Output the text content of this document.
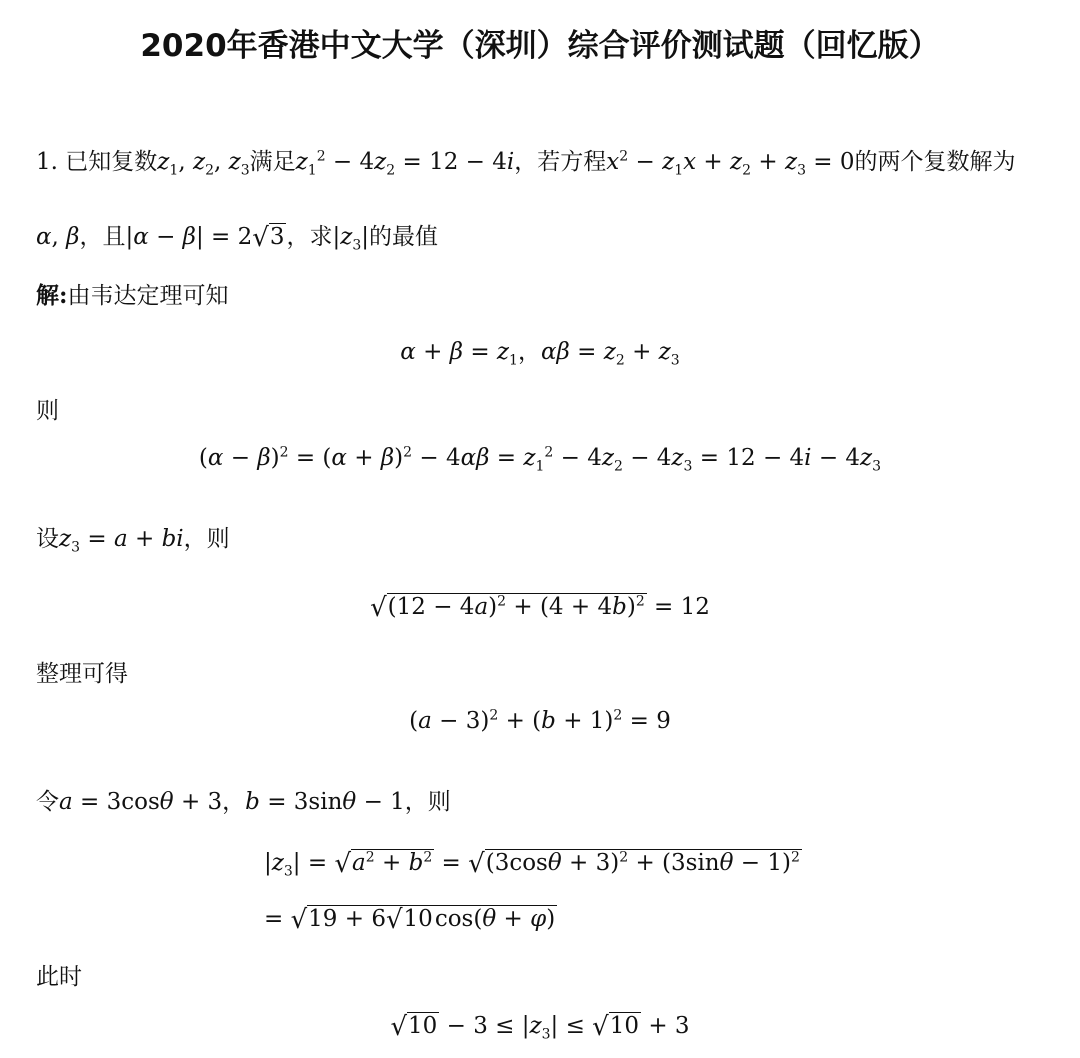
2020年香港中文大学（深圳）综合评价测试题（回忆版）
1. 已知复数$z_1$, $z_2$, $z_3$满足$z_1^2 - 4z_2 = 12 - 4i$，若方程$x^2 - z_1x + z_2 + z_3 = 0$的两个复数解为
α, β，且|α − β| = 2√3，求$|z_3|$的最值
解:由韦达定理可知
$\alpha + \beta = z_1$，$\alpha\beta = z_2 + z_3$
则
$(\alpha - \beta)^2 = (\alpha + \beta)^2 - 4\alpha\beta = z_1^2 - 4z_2 - 4z_3 = 12 - 4i - 4z_3$
设$z_3 = a$ + bi，则
$√(12 - 4a)^2 + (4 + 4b)^2 = 12$
整理可得
$(a - 3)^2 + (b + 1)^2 = 9$
令a = 3cosθ + 3，b = 3sinθ − 1，则
$|z_3| = √a^2 + b^2 = √(3\cos\theta + 3)^2 + (3\sin\theta - 1)^2$
= √19 + 6√10cos(θ + φ)
此时
$√10 - 3 \le |z_3| \le √10 + 3$
